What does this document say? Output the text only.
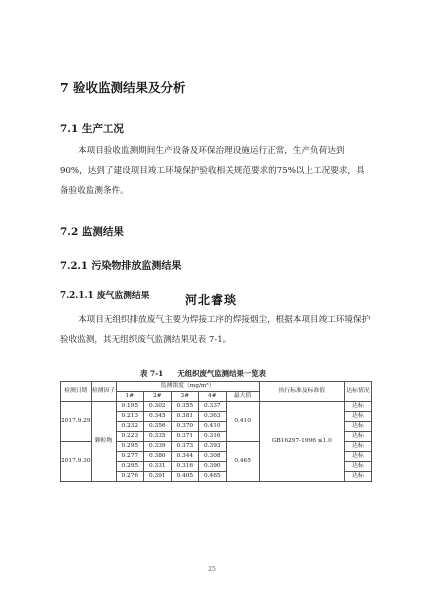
7 验收监测结果及分析
7.1 生产工况
本项目验收监测期间生产设备及环保治理设施运行正常，生产负荷达到90%，达到了建设项目竣工环境保护验收相关规范要求的75%以上工况要求，具备验收监测条件。
7.2 监测结果
7.2.1 污染物排放监测结果
7.2.1.1 废气监测结果	河北睿琰
本项目无组织排放废气主要为焊接工序的焊接烟尘，根据本项目竣工环境保护验收监测，其无组织废气监测结果见表 7-1。
表 7-1 无组织废气监测结果一览表
检测日期	检测因子	监测浓度（mg/m³）					执行标准及标准值	达标情况
		1#	2#	3#	4#	最大值		
2017.9.29	颗粒物	0.195	0.302	0.355	0.337	0.410	GB16297-1996 ≤1.0	达标
		0.213	0.345	0.381	0.363			达标
		0.232	0.356	0.370	0.410			达标
		0.223	0.335	0.371	0.316			达标
2017.9.30		0.295	0.339	0.373	0.393	0.465		达标
		0.277	0.380	0.344	0.308			达标
		0.295	0.331	0.316	0.390			达标
		0.276	0.391	0.405	0.465			达标
25
